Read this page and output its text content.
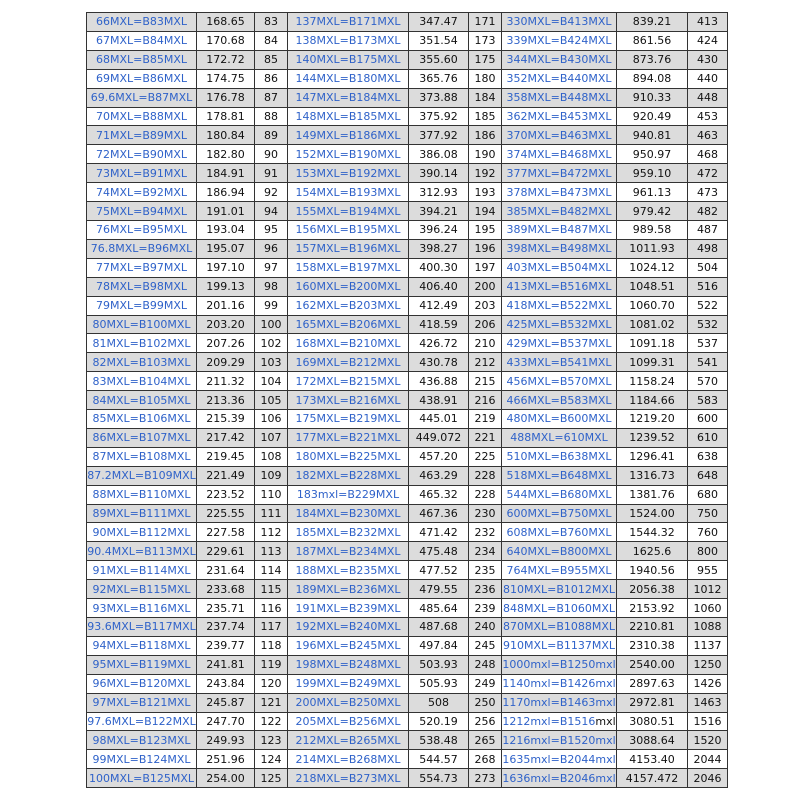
66MXL=B83MXL	168.65	83	137MXL=B171MXL	347.47	171	330MXL=B413MXL	839.21	413
67MXL=B84MXL	170.68	84	138MXL=B173MXL	351.54	173	339MXL=B424MXL	861.56	424
68MXL=B85MXL	172.72	85	140MXL=B175MXL	355.60	175	344MXL=B430MXL	873.76	430
69MXL=B86MXL	174.75	86	144MXL=B180MXL	365.76	180	352MXL=B440MXL	894.08	440
69.6MXL=B87MXL	176.78	87	147MXL=B184MXL	373.88	184	358MXL=B448MXL	910.33	448
70MXL=B88MXL	178.81	88	148MXL=B185MXL	375.92	185	362MXL=B453MXL	920.49	453
71MXL=B89MXL	180.84	89	149MXL=B186MXL	377.92	186	370MXL=B463MXL	940.81	463
72MXL=B90MXL	182.80	90	152MXL=B190MXL	386.08	190	374MXL=B468MXL	950.97	468
73MXL=B91MXL	184.91	91	153MXL=B192MXL	390.14	192	377MXL=B472MXL	959.10	472
74MXL=B92MXL	186.94	92	154MXL=B193MXL	312.93	193	378MXL=B473MXL	961.13	473
75MXL=B94MXL	191.01	94	155MXL=B194MXL	394.21	194	385MXL=B482MXL	979.42	482
76MXL=B95MXL	193.04	95	156MXL=B195MXL	396.24	195	389MXL=B487MXL	989.58	487
76.8MXL=B96MXL	195.07	96	157MXL=B196MXL	398.27	196	398MXL=B498MXL	1011.93	498
77MXL=B97MXL	197.10	97	158MXL=B197MXL	400.30	197	403MXL=B504MXL	1024.12	504
78MXL=B98MXL	199.13	98	160MXL=B200MXL	406.40	200	413MXL=B516MXL	1048.51	516
79MXL=B99MXL	201.16	99	162MXL=B203MXL	412.49	203	418MXL=B522MXL	1060.70	522
80MXL=B100MXL	203.20	100	165MXL=B206MXL	418.59	206	425MXL=B532MXL	1081.02	532
81MXL=B102MXL	207.26	102	168MXL=B210MXL	426.72	210	429MXL=B537MXL	1091.18	537
82MXL=B103MXL	209.29	103	169MXL=B212MXL	430.78	212	433MXL=B541MXL	1099.31	541
83MXL=B104MXL	211.32	104	172MXL=B215MXL	436.88	215	456MXL=B570MXL	1158.24	570
84MXL=B105MXL	213.36	105	173MXL=B216MXL	438.91	216	466MXL=B583MXL	1184.66	583
85MXL=B106MXL	215.39	106	175MXL=B219MXL	445.01	219	480MXL=B600MXL	1219.20	600
86MXL=B107MXL	217.42	107	177MXL=B221MXL	449.072	221	488MXL=610MXL	1239.52	610
87MXL=B108MXL	219.45	108	180MXL=B225MXL	457.20	225	510MXL=B638MXL	1296.41	638
87.2MXL=B109MXL	221.49	109	182MXL=B228MXL	463.29	228	518MXL=B648MXL	1316.73	648
88MXL=B110MXL	223.52	110	183mxl=B229MXL	465.32	228	544MXL=B680MXL	1381.76	680
89MXL=B111MXL	225.55	111	184MXL=B230MXL	467.36	230	600MXL=B750MXL	1524.00	750
90MXL=B112MXL	227.58	112	185MXL=B232MXL	471.42	232	608MXL=B760MXL	1544.32	760
90.4MXL=B113MXL	229.61	113	187MXL=B234MXL	475.48	234	640MXL=B800MXL	1625.6	800
91MXL=B114MXL	231.64	114	188MXL=B235MXL	477.52	235	764MXL=B955MXL	1940.56	955
92MXL=B115MXL	233.68	115	189MXL=B236MXL	479.55	236	810MXL=B1012MXL	2056.38	1012
93MXL=B116MXL	235.71	116	191MXL=B239MXL	485.64	239	848MXL=B1060MXL	2153.92	1060
93.6MXL=B117MXL	237.74	117	192MXL=B240MXL	487.68	240	870MXL=B1088MXL	2210.81	1088
94MXL=B118MXL	239.77	118	196MXL=B245MXL	497.84	245	910MXL=B1137MXL	2310.38	1137
95MXL=B119MXL	241.81	119	198MXL=B248MXL	503.93	248	1000mxl=B1250mxl	2540.00	1250
96MXL=B120MXL	243.84	120	199MXL=B249MXL	505.93	249	1140mxl=B1426mxl	2897.63	1426
97MXL=B121MXL	245.87	121	200MXL=B250MXL	508	250	1170mxl=B1463mxl	2972.81	1463
97.6MXL=B122MXL	247.70	122	205MXL=B256MXL	520.19	256	1212mxl=B1516mxl	3080.51	1516
98MXL=B123MXL	249.93	123	212MXL=B265MXL	538.48	265	1216mxl=B1520mxl	3088.64	1520
99MXL=B124MXL	251.96	124	214MXL=B268MXL	544.57	268	1635mxl=B2044mxl	4153.40	2044
100MXL=B125MXL	254.00	125	218MXL=B273MXL	554.73	273	1636mxl=B2046mxl	4157.472	2046
